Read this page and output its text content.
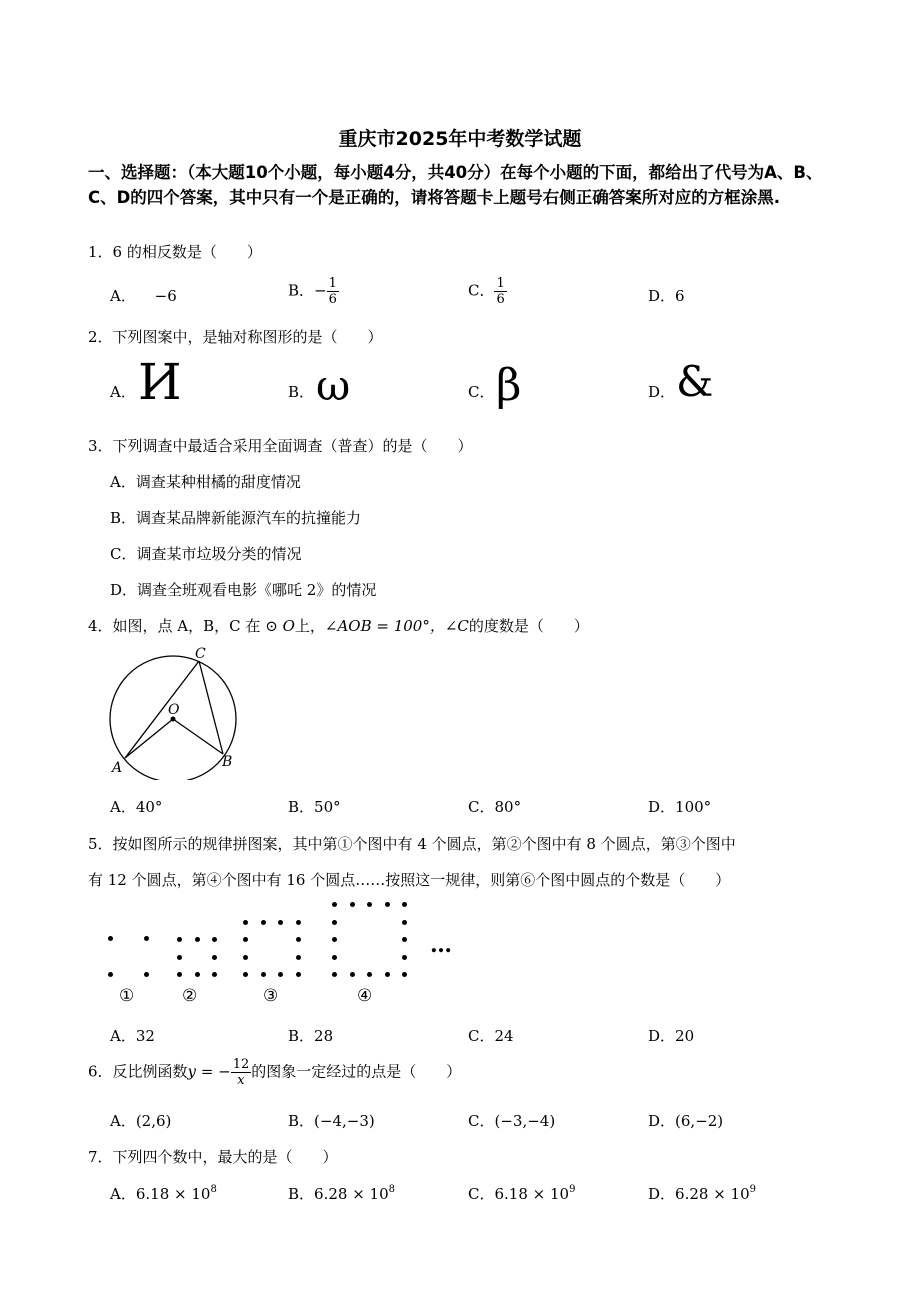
重庆市2025年中考数学试题
一、选择题：（本大题10个小题，每小题4分，共40分）在每个小题的下面，都给出了代号为A、B、C、D的四个答案，其中只有一个是正确的，请将答题卡上题号右侧正确答案所对应的方框涂黑.
1．6 的相反数是（　　）
A． −6	B．− $\frac{1}{6}$	C． $\frac{1}{6}$	D．6
2．下列图案中，是轴对称图形的是（　　）
A． И	B． ω	C． β	D． &
3．下列调查中最适合采用全面调查（普查）的是（　　）
A．调查某种柑橘的甜度情况
B．调查某品牌新能源汽车的抗撞能力
C．调查某市垃圾分类的情况
D．调查全班观看电影《哪吒 2》的情况
4．如图，点 A，B，C 在 ⊙ O上，∠AOB = 100°，∠C的度数是（　　）
C
O
A	B
A．40°	B．50°	C．80°	D．100°
5．按如图所示的规律拼图案，其中第①个图中有 4 个圆点，第②个图中有 8 个圆点，第③个图中
有 12 个圆点，第④个图中有 16 个圆点……按照这一规律，则第⑥个图中圆点的个数是（　　）
①	②	③	④
…
A．32	B．28	C．24	D．20
6．反比例函数y = − $\frac{12}{x}$ 的图象一定经过的点是（　　）
A．(2,6)	B．(−4,−3)	C．(−3,−4)	D．(6,−2)
7．下列四个数中，最大的是（　　）
A．$6.18 \times 10^8$	B．$6.28 \times 10^8$	C．$6.18 \times 10^9$	D．$6.28 \times 10^9$
